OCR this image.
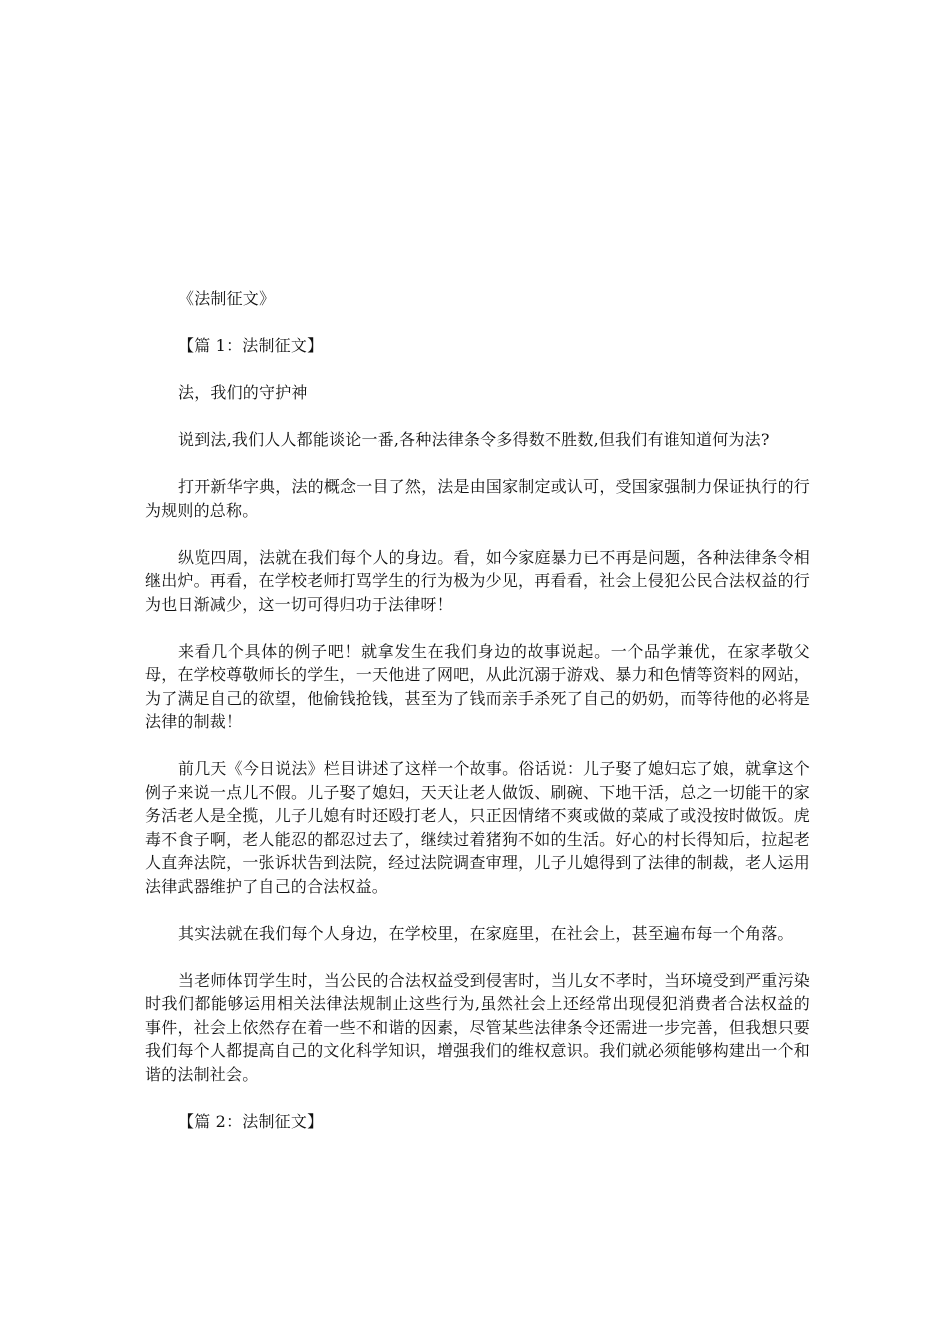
《法制征文》

【篇 1：法制征文】

法，我们的守护神

说到法,我们人人都能谈论一番,各种法律条令多得数不胜数,但我们有谁知道何为法?

打开新华字典，法的概念一目了然，法是由国家制定或认可，受国家强制力保证执行的行为规则的总称。

纵览四周，法就在我们每个人的身边。看，如今家庭暴力已不再是问题，各种法律条令相继出炉。再看，在学校老师打骂学生的行为极为少见，再看看，社会上侵犯公民合法权益的行为也日渐减少，这一切可得归功于法律呀！

来看几个具体的例子吧！就拿发生在我们身边的故事说起。一个品学兼优，在家孝敬父母，在学校尊敬师长的学生，一天他进了网吧，从此沉溺于游戏、暴力和色情等资料的网站，为了满足自己的欲望，他偷钱抢钱，甚至为了钱而亲手杀死了自己的奶奶，而等待他的必将是法律的制裁！

前几天《今日说法》栏目讲述了这样一个故事。俗话说：儿子娶了媳妇忘了娘，就拿这个例子来说一点儿不假。儿子娶了媳妇，天天让老人做饭、刷碗、下地干活，总之一切能干的家务活老人是全揽，儿子儿媳有时还殴打老人，只正因情绪不爽或做的菜咸了或没按时做饭。虎毒不食子啊，老人能忍的都忍过去了，继续过着猪狗不如的生活。好心的村长得知后，拉起老人直奔法院，一张诉状告到法院，经过法院调查审理，儿子儿媳得到了法律的制裁，老人运用法律武器维护了自己的合法权益。

其实法就在我们每个人身边，在学校里，在家庭里，在社会上，甚至遍布每一个角落。

当老师体罚学生时，当公民的合法权益受到侵害时，当儿女不孝时，当环境受到严重污染时我们都能够运用相关法律法规制止这些行为,虽然社会上还经常出现侵犯消费者合法权益的事件，社会上依然存在着一些不和谐的因素，尽管某些法律条令还需进一步完善，但我想只要我们每个人都提高自己的文化科学知识，增强我们的维权意识。我们就必须能够构建出一个和谐的法制社会。

【篇 2：法制征文】
